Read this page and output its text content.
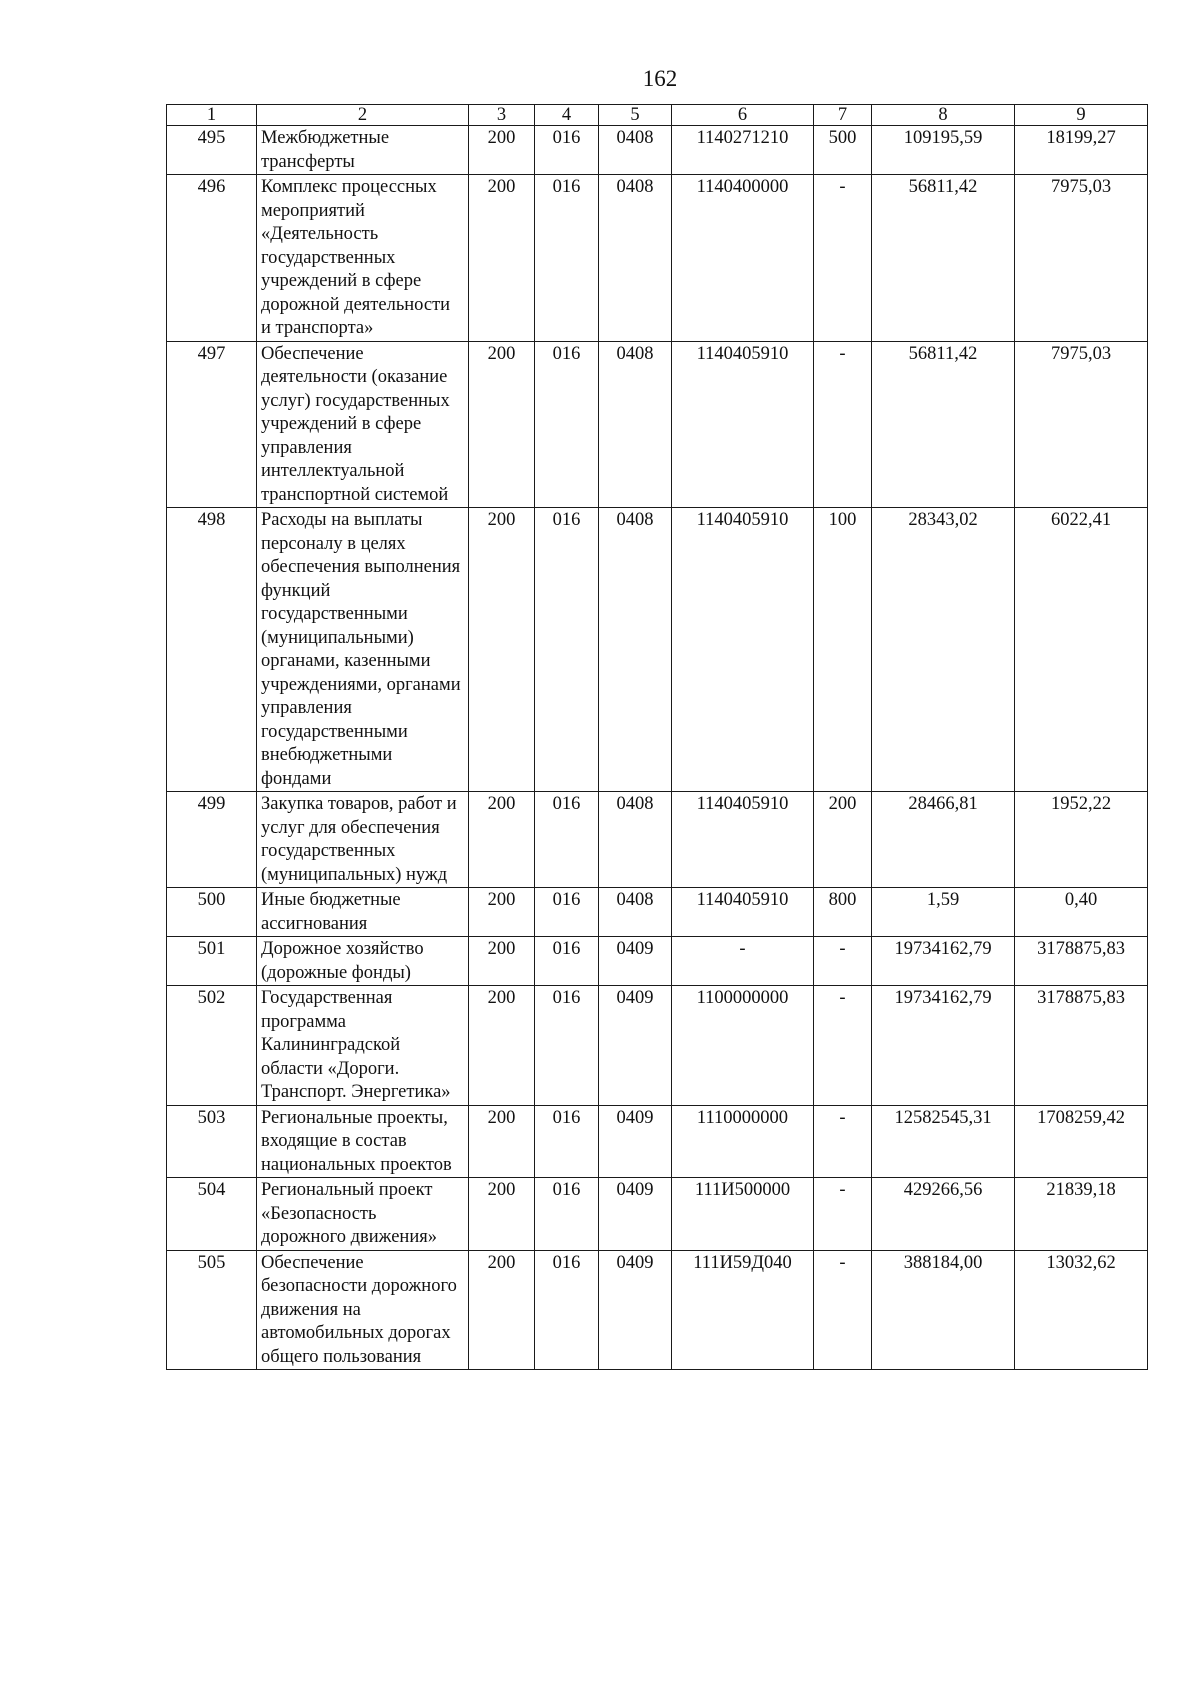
162
1	2	3	4	5	6	7	8	9
495	Межбюджетные трансферты	200	016	0408	1140271210	500	109195,59	18199,27
496	Комплекс процессных мероприятий «Деятельность государственных учреждений в сфере дорожной деятельности и транспорта»	200	016	0408	1140400000	-	56811,42	7975,03
497	Обеспечение деятельности (оказание услуг) государственных учреждений в сфере управления интеллектуальной транспортной системой	200	016	0408	1140405910	-	56811,42	7975,03
498	Расходы на выплаты персоналу в целях обеспечения выполнения функций государственными (муниципальными) органами, казенными учреждениями, органами управления государственными внебюджетными фондами	200	016	0408	1140405910	100	28343,02	6022,41
499	Закупка товаров, работ и услуг для обеспечения государственных (муниципальных) нужд	200	016	0408	1140405910	200	28466,81	1952,22
500	Иные бюджетные ассигнования	200	016	0408	1140405910	800	1,59	0,40
501	Дорожное хозяйство (дорожные фонды)	200	016	0409	-	-	19734162,79	3178875,83
502	Государственная программа Калининградской области «Дороги. Транспорт. Энергетика»	200	016	0409	1100000000	-	19734162,79	3178875,83
503	Региональные проекты, входящие в состав национальных проектов	200	016	0409	1110000000	-	12582545,31	1708259,42
504	Региональный проект «Безопасность дорожного движения»	200	016	0409	111И500000	-	429266,56	21839,18
505	Обеспечение безопасности дорожного движения на автомобильных дорогах общего пользования	200	016	0409	111И59Д040	-	388184,00	13032,62
